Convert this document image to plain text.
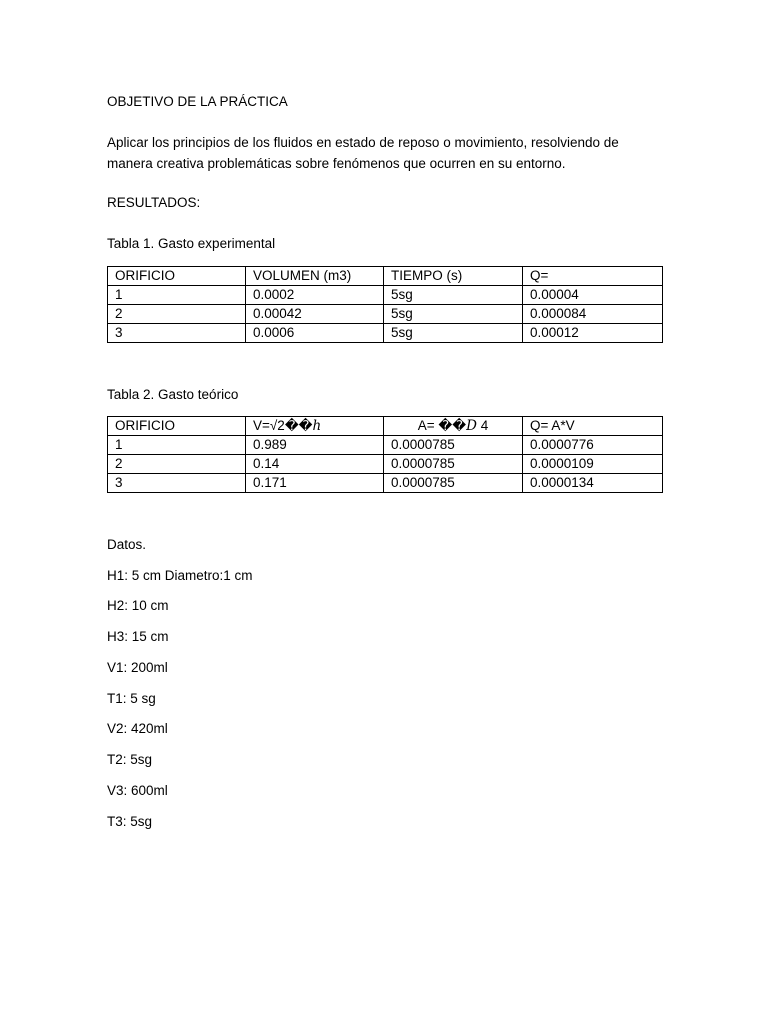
OBJETIVO DE LA PRÁCTICA
Aplicar los principios de los fluidos en estado de reposo o movimiento, resolviendo de manera creativa problemáticas sobre fenómenos que ocurren en su entorno.
RESULTADOS:
Tabla 1. Gasto experimental
ORIFICIO	VOLUMEN (m3)	TIEMPO (s)	Q=
1	0.0002	5sg	0.00004
2	0.00042	5sg	0.000084
3	0.0006	5sg	0.00012
Tabla 2. Gasto teórico
ORIFICIO	V=√2��h	A= ��D 4	Q= A*V
1	0.989	0.0000785	0.0000776
2	0.14	0.0000785	0.0000109
3	0.171	0.0000785	0.0000134
Datos.
H1: 5 cm Diametro:1 cm
H2: 10 cm
H3: 15 cm
V1: 200ml
T1: 5 sg
V2: 420ml
T2: 5sg
V3: 600ml
T3: 5sg
